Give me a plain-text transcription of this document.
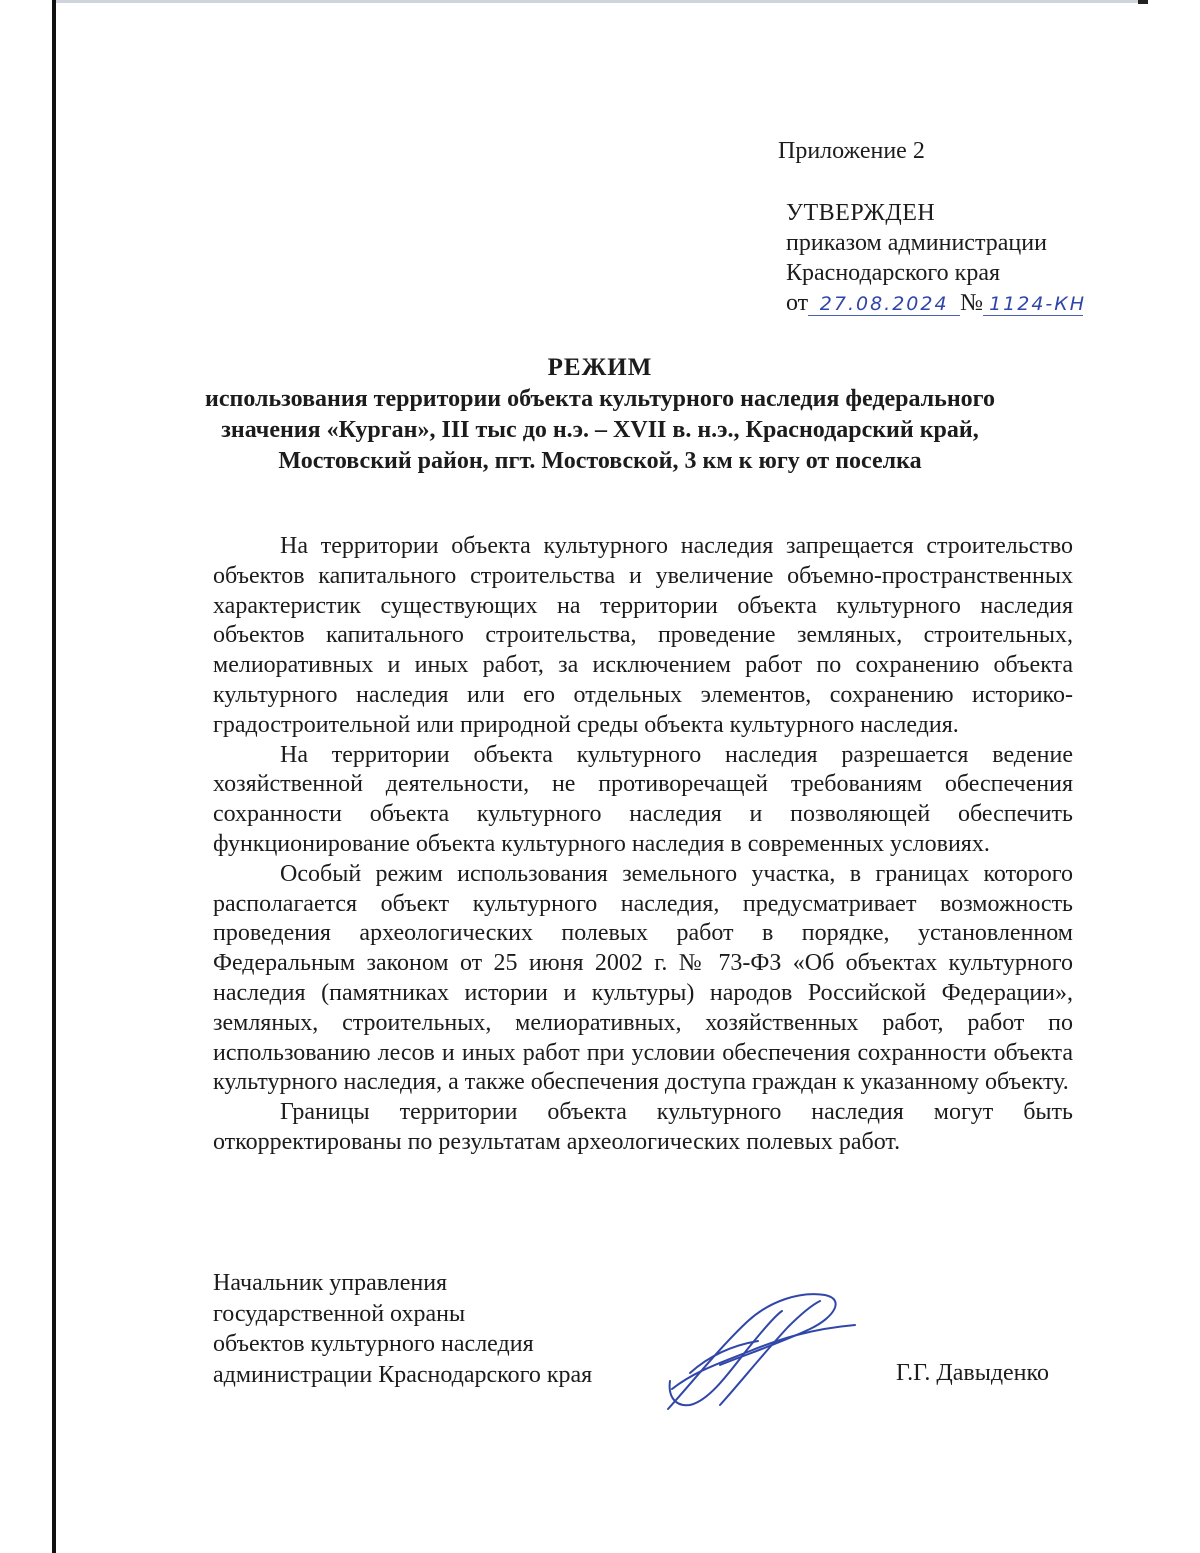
Приложение 2
УТВЕРЖДЕН
приказом администрации
Краснодарского края
от 27.08.2024 № 1124-КН
РЕЖИМ
использования территории объекта культурного наследия федерального
значения «Курган», III тыс до н.э. – XVII в. н.э., Краснодарский край,
Мостовский район, пгт. Мостовской, 3 км к югу от поселка

На территории объекта культурного наследия запрещается строительство объектов капитального строительства и увеличение объемно-пространственных характеристик существующих на территории объекта культурного наследия объектов капитального строительства, проведение земляных, строительных, мелиоративных и иных работ, за исключением работ по сохранению объекта культурного наследия или его отдельных элементов, сохранению историко-градостроительной или природной среды объекта культурного наследия.

На территории объекта культурного наследия разрешается ведение хозяйственной деятельности, не противоречащей требованиям обеспечения сохранности объекта культурного наследия и позволяющей обеспечить функционирование объекта культурного наследия в современных условиях.

Особый режим использования земельного участка, в границах которого располагается объект культурного наследия, предусматривает возможность проведения археологических полевых работ в порядке, установленном Федеральным законом от 25 июня 2002 г. № 73-ФЗ «Об объектах культурного наследия (памятниках истории и культуры) народов Российской Федерации», земляных, строительных, мелиоративных, хозяйственных работ, работ по использованию лесов и иных работ при условии обеспечения сохранности объекта культурного наследия, а также обеспечения доступа граждан к указанному объекту.

Границы территории объекта культурного наследия могут быть откорректированы по результатам археологических полевых работ.

Начальник управления
государственной охраны
объектов культурного наследия
администрации Краснодарского края	Г.Г. Давыденко
